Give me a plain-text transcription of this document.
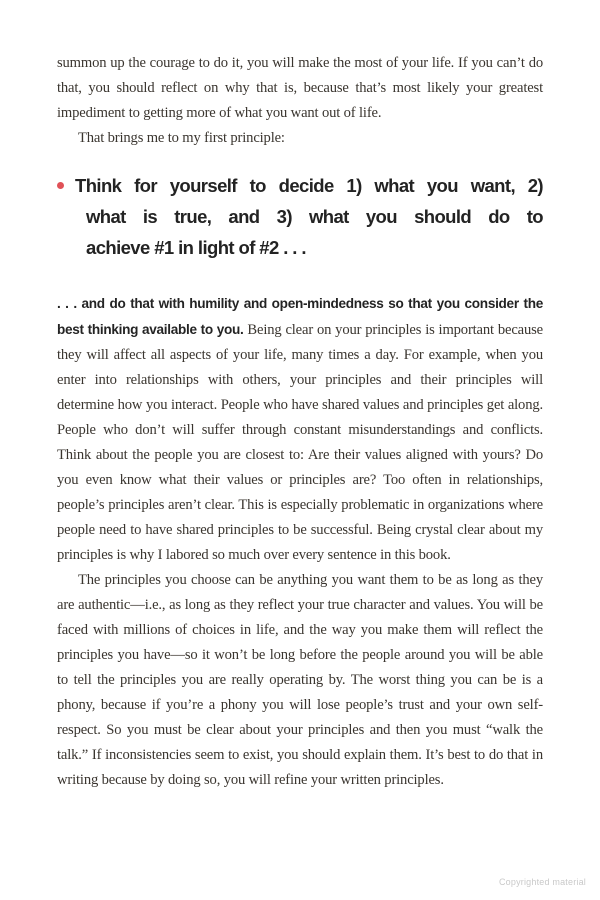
summon up the courage to do it, you will make the most of your life. If you can’t do that, you should reflect on why that is, because that’s most likely your greatest impediment to getting more of what you want out of life.

That brings me to my first principle:

Think for yourself to decide 1) what you want, 2)
what is true, and 3) what you should do to
achieve #1 in light of #2 . . .

. . . and do that with humility and open-mindedness so that you consider the best thinking available to you. Being clear on your principles is important because they will affect all aspects of your life, many times a day. For example, when you enter into relationships with others, your principles and their principles will determine how you interact. People who have shared values and principles get along. People who don’t will suffer through constant misunderstandings and conflicts. Think about the people you are closest to: Are their values aligned with yours? Do you even know what their values or principles are? Too often in relationships, people’s principles aren’t clear. This is especially problematic in organizations where people need to have shared principles to be successful. Being crystal clear about my principles is why I labored so much over every sentence in this book.

The principles you choose can be anything you want them to be as long as they are authentic—i.e., as long as they reflect your true character and values. You will be faced with millions of choices in life, and the way you make them will reflect the principles you have—so it won’t be long before the people around you will be able to tell the principles you are really operating by. The worst thing you can be is a phony, because if you’re a phony you will lose people’s trust and your own self-respect. So you must be clear about your principles and then you must “walk the talk.” If inconsistencies seem to exist, you should explain them. It’s best to do that in writing because by doing so, you will refine your written principles.

Copyrighted material
